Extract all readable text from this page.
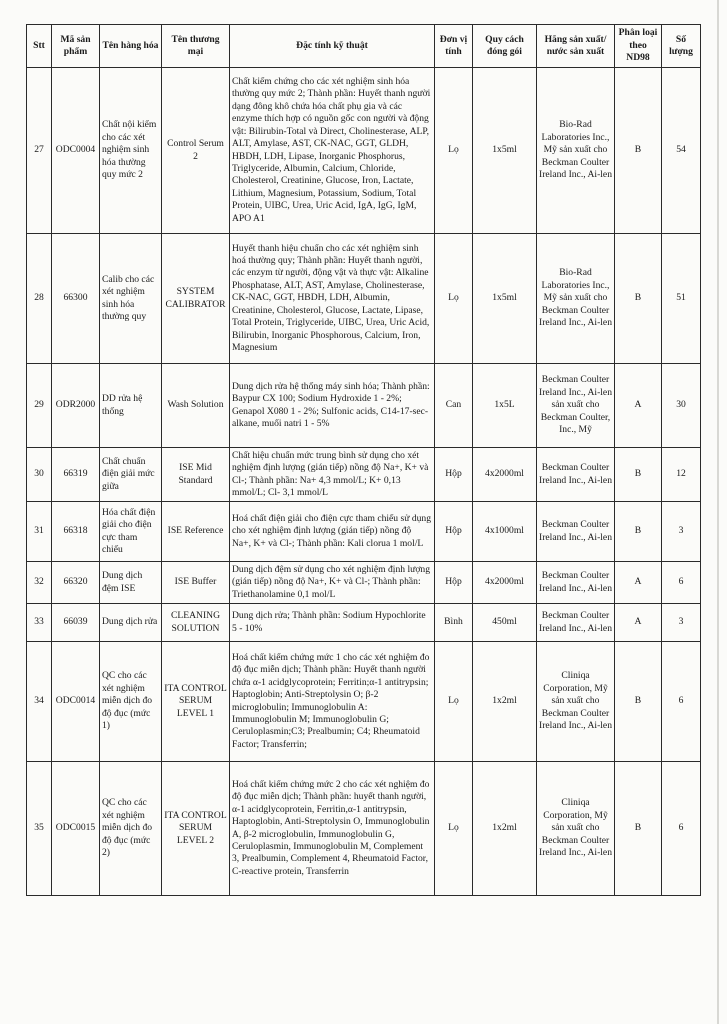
Stt	Mã sản phẩm	Tên hàng hóa	Tên thương mại	Đặc tính kỹ thuật	Đơn vị tính	Quy cách đóng gói	Hãng sản xuất/ nước sản xuất	Phân loại theo ND98	Số lượng
27	ODC0004	Chất nội kiểm cho các xét nghiệm sinh hóa thường quy mức 2	Control Serum 2	Chất kiểm chứng cho các xét nghiệm sinh hóa thường quy mức 2; Thành phần: Huyết thanh người dạng đông khô chứa hóa chất phụ gia và các enzyme thích hợp có nguồn gốc con người và động vật: Bilirubin-Total và Direct, Cholinesterase, ALP, ALT, Amylase, AST, CK-NAC, GGT, GLDH, HBDH, LDH, Lipase, Inorganic Phosphorus, Triglyceride, Albumin, Calcium, Chloride, Cholesterol, Creatinine, Glucose, Iron, Lactate, Lithium, Magnesium, Potassium, Sodium, Total Protein, UIBC, Urea, Uric Acid, IgA, IgG, IgM, APO A1	Lọ	1x5ml	Bio-Rad Laboratories Inc., Mỹ sản xuất cho Beckman Coulter Ireland Inc., Ai-len	B	54
28	66300	Calib cho các xét nghiệm sinh hóa thường quy	SYSTEM CALIBRATOR	Huyết thanh hiệu chuẩn cho các xét nghiệm sinh hoá thường quy; Thành phần: Huyết thanh người, các enzym từ người, động vật và thực vật: Alkaline Phosphatase, ALT, AST, Amylase, Cholinesterase, CK-NAC, GGT, HBDH, LDH, Albumin, Creatinine, Cholesterol, Glucose, Lactate, Lipase, Total Protein, Triglyceride, UIBC, Urea, Uric Acid, Bilirubin, Inorganic Phosphorous, Calcium, Iron, Magnesium	Lọ	1x5ml	Bio-Rad Laboratories Inc., Mỹ sản xuất cho Beckman Coulter Ireland Inc., Ai-len	B	51
29	ODR2000	DD rửa hệ thống	Wash Solution	Dung dịch rửa hệ thống máy sinh hóa; Thành phần: Baypur CX 100; Sodium Hydroxide 1 - 2%; Genapol X080 1 - 2%; Sulfonic acids, C14-17-sec-alkane, muối natri 1 - 5%	Can	1x5L	Beckman Coulter Ireland Inc., Ai-len sản xuất cho Beckman Coulter, Inc., Mỹ	A	30
30	66319	Chất chuẩn điện giải mức giữa	ISE Mid Standard	Chất hiệu chuẩn mức trung bình sử dụng cho xét nghiệm định lượng (gián tiếp) nồng độ Na+, K+ và Cl-; Thành phần: Na+ 4,3 mmol/L; K+ 0,13 mmol/L; Cl- 3,1 mmol/L	Hộp	4x2000ml	Beckman Coulter Ireland Inc., Ai-len	B	12
31	66318	Hóa chất điện giải cho điện cực tham chiếu	ISE Reference	Hoá chất điện giải cho điện cực tham chiếu sử dụng cho xét nghiệm định lượng (gián tiếp) nồng độ Na+, K+ và Cl-; Thành phần: Kali clorua 1 mol/L	Hộp	4x1000ml	Beckman Coulter Ireland Inc., Ai-len	B	3
32	66320	Dung dịch đệm ISE	ISE Buffer	Dung dịch đệm sử dụng cho xét nghiệm định lượng (gián tiếp) nồng độ Na+, K+ và Cl-; Thành phần: Triethanolamine 0,1 mol/L	Hộp	4x2000ml	Beckman Coulter Ireland Inc., Ai-len	A	6
33	66039	Dung dịch rửa	CLEANING SOLUTION	Dung dịch rửa; Thành phần: Sodium Hypochlorite 5 - 10%	Bình	450ml	Beckman Coulter Ireland Inc., Ai-len	A	3
34	ODC0014	QC cho các xét nghiệm miễn dịch đo độ đục (mức 1)	ITA CONTROL SERUM LEVEL 1	Hoá chất kiểm chứng mức 1 cho các xét nghiệm đo độ đục miễn dịch; Thành phần: Huyết thanh người chứa α-1 acidglycoprotein; Ferritin;α-1 antitrypsin; Haptoglobin; Anti-Streptolysin O; β-2 microglobulin; Immunoglobulin A: Immunoglobulin M; Immunoglobulin G; Ceruloplasmin;C3; Prealbumin; C4; Rheumatoid Factor; Transferrin;	Lọ	1x2ml	Cliniqa Corporation, Mỹ sản xuất cho Beckman Coulter Ireland Inc., Ai-len	B	6
35	ODC0015	QC cho các xét nghiệm miễn dịch đo độ đục (mức 2)	ITA CONTROL SERUM LEVEL 2	Hoá chất kiểm chứng mức 2 cho các xét nghiệm đo độ đục miễn dịch; Thành phần: huyết thanh người, α-1 acidglycoprotein, Ferritin,α-1 antitrypsin, Haptoglobin, Anti-Streptolysin O, Immunoglobulin A, β-2 microglobulin, Immunoglobulin G, Ceruloplasmin, Immunoglobulin M, Complement 3, Prealbumin, Complement 4, Rheumatoid Factor, C-reactive protein, Transferrin	Lọ	1x2ml	Cliniqa Corporation, Mỹ sản xuất cho Beckman Coulter Ireland Inc., Ai-len	B	6
